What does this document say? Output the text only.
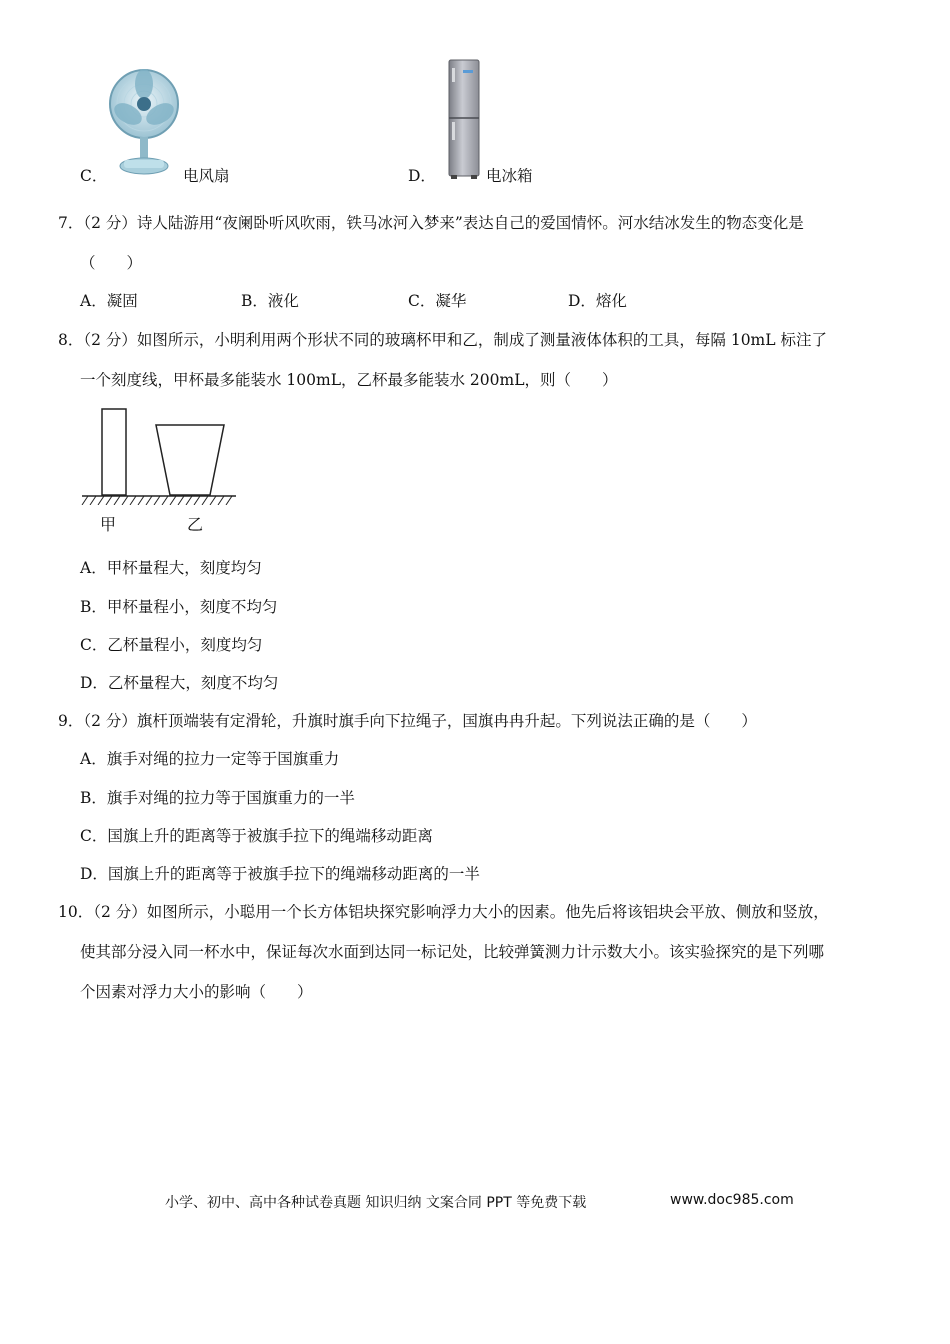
C．	电风扇	D．	电冰箱
7．（2 分）诗人陆游用“夜阑卧听风吹雨，铁马冰河入梦来”表达自己的爱国情怀。河水结冰发生的物态变化是
（　　）
A．凝固	B．液化	C．凝华	D．熔化
8．（2 分）如图所示，小明利用两个形状不同的玻璃杯甲和乙，制成了测量液体体积的工具，每隔 10mL 标注了
一个刻度线，甲杯最多能装水 100mL，乙杯最多能装水 200mL，则（　　）
甲	乙
A．甲杯量程大，刻度均匀
B．甲杯量程小，刻度不均匀
C．乙杯量程小，刻度均匀
D．乙杯量程大，刻度不均匀
9．（2 分）旗杆顶端装有定滑轮，升旗时旗手向下拉绳子，国旗冉冉升起。下列说法正确的是（　　）
A．旗手对绳的拉力一定等于国旗重力
B．旗手对绳的拉力等于国旗重力的一半
C．国旗上升的距离等于被旗手拉下的绳端移动距离
D．国旗上升的距离等于被旗手拉下的绳端移动距离的一半
10．（2 分）如图所示，小聪用一个长方体铝块探究影响浮力大小的因素。他先后将该铝块会平放、侧放和竖放，
使其部分浸入同一杯水中，保证每次水面到达同一标记处，比较弹簧测力计示数大小。该实验探究的是下列哪
个因素对浮力大小的影响（　　）
小学、初中、高中各种试卷真题 知识归纳 文案合同 PPT 等免费下载	www.doc985.com
